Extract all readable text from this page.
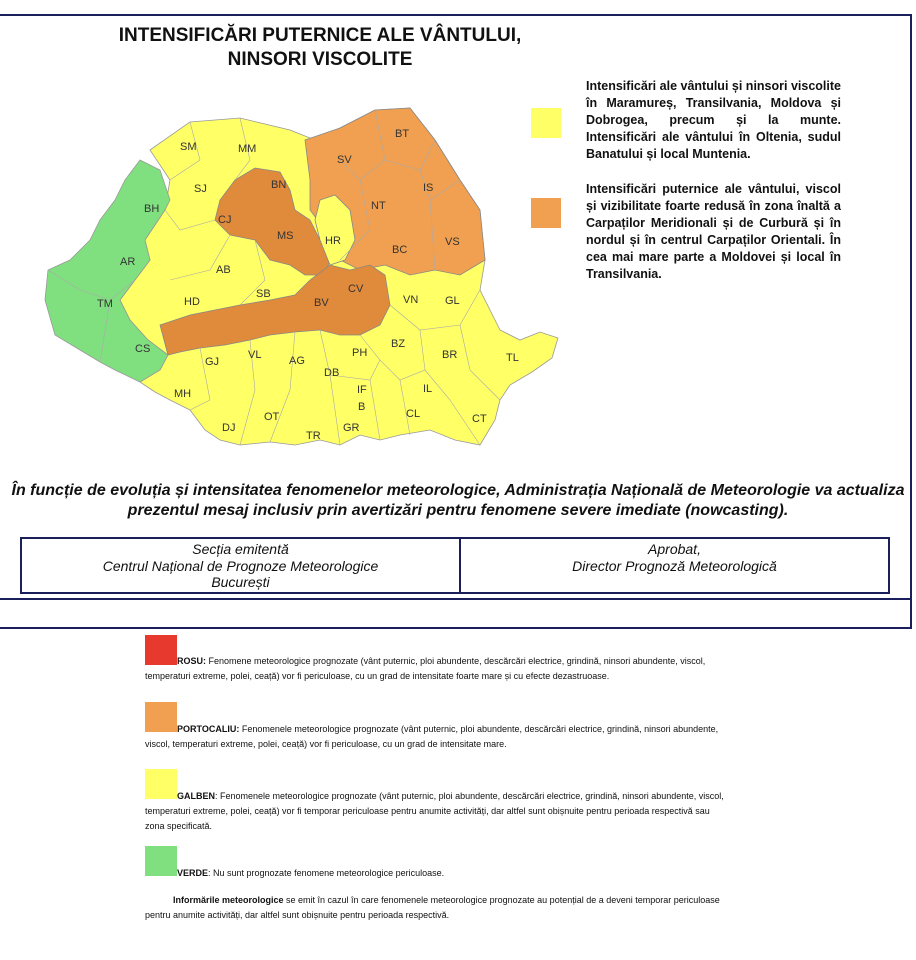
INTENSIFICĂRI PUTERNICE ALE VÂNTULUI,
NINSORI VISCOLITE
SM	MM
BT
SV
IS
BN
SJ
BH
CJ
NT
VS
MS	HR
AR
BC
AB
TM	HD
SB	CV
BV	VN GL
CS
GJ
VL	AG
PH
BZ
BR	TL
DB
MH	IF	IL
B
OT	CL	CT
DJ	GR
TR
Intensificări ale vântului și ninsori viscolite în Maramureș, Transilvania, Moldova și Dobrogea, precum și la munte. Intensificări ale vântului în Oltenia, sudul Banatului și local Muntenia.
Intensificări puternice ale vântului, viscol și vizibilitate foarte redusă în zona înaltă a Carpaților Meridionali și de Curbură și în nordul și în centrul Carpaților Orientali. În cea mai mare parte a Moldovei și local în Transilvania.
În funcție de evoluția și intensitatea fenomenelor meteorologice, Administrația Națională de Meteorologie va actualiza
prezentul mesaj inclusiv prin avertizări pentru fenomene severe imediate (nowcasting).
Secția emitentă
Centrul Național de Prognoze Meteorologice
București
Aprobat,
Director Prognoză Meteorologică
ROSU: Fenomene meteorologice prognozate (vânt puternic, ploi abundente, descărcări electrice, grindină, ninsori abundente, viscol,
temperaturi extreme, polei, ceață) vor fi periculoase, cu un grad de intensitate foarte mare și cu efecte dezastruoase.
PORTOCALIU: Fenomenele meteorologice prognozate (vânt puternic, ploi abundente, descărcări electrice, grindină, ninsori abundente,
viscol, temperaturi extreme, polei, ceață) vor fi periculoase, cu un grad de intensitate mare.
GALBEN: Fenomenele meteorologice prognozate (vânt puternic, ploi abundente, descărcări electrice, grindină, ninsori abundente, viscol,
temperaturi extreme, polei, ceață) vor fi temporar periculoase pentru anumite activități, dar altfel sunt obișnuite pentru perioada respectivă sau
zona specificată.
VERDE: Nu sunt prognozate fenomene meteorologice periculoase.
Informările meteorologice se emit în cazul în care fenomenele meteorologice prognozate au potențial de a deveni temporar periculoase
pentru anumite activități, dar altfel sunt obișnuite pentru perioada respectivă.
